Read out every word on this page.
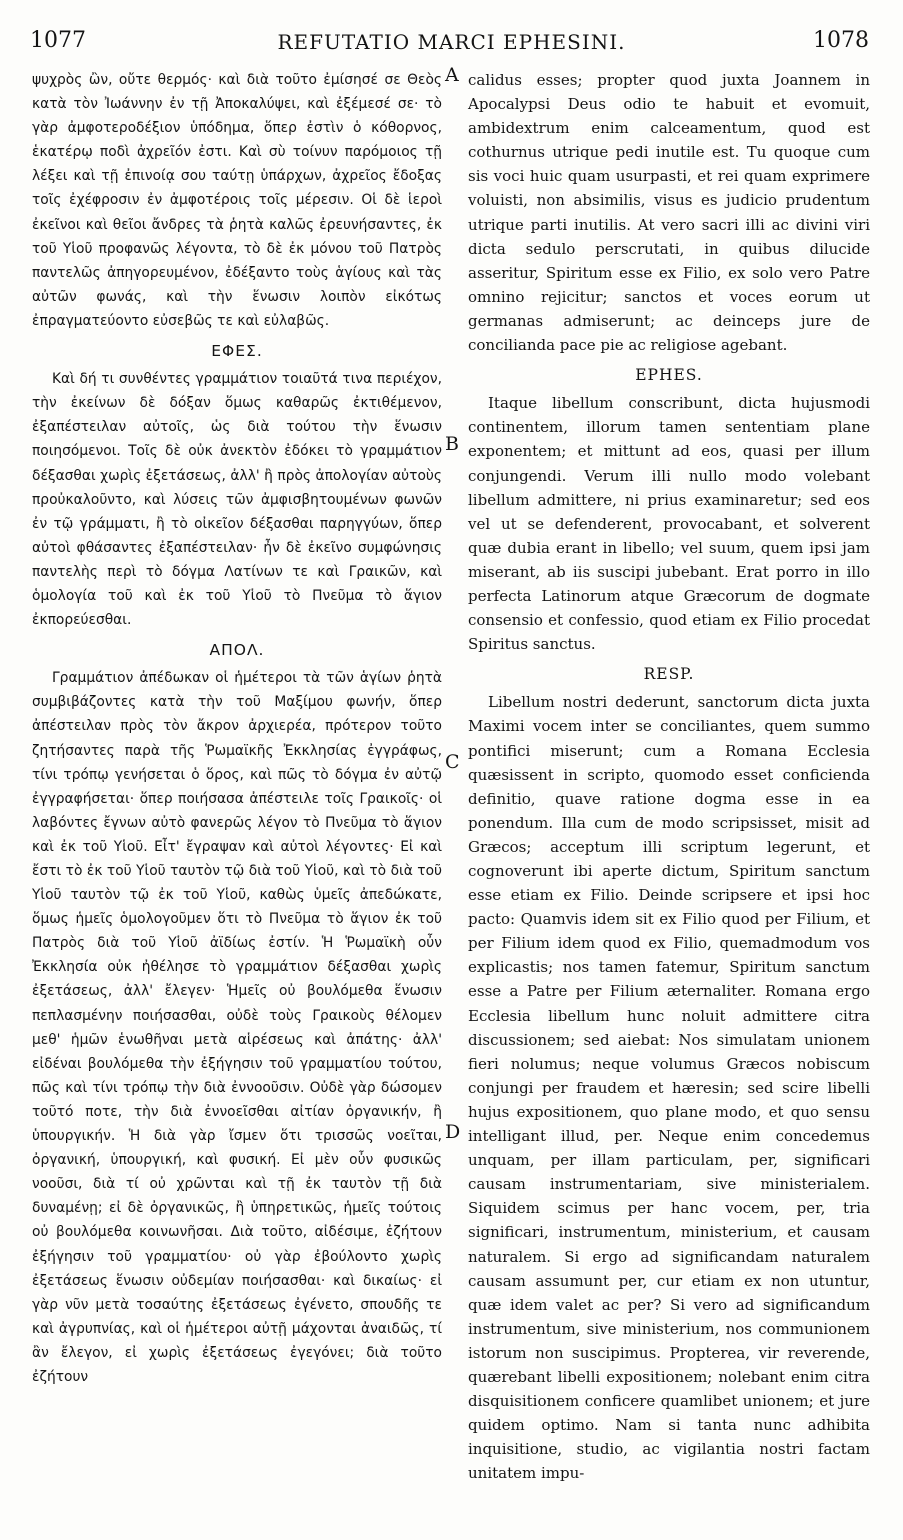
1077	REFUTATIO MARCI EPHESINI.	1078
A
B
C
D

ψυχρὸς ὢν, οὔτε θερμός· καὶ διὰ τοῦτο ἐμίσησέ σε Θεὸς κατὰ τὸν Ἰωάννην ἐν τῇ Ἀποκαλύψει, καὶ ἐξέμεσέ σε· τὸ γὰρ ἀμφοτεροδέξιον ὑπόδημα, ὅπερ ἐστὶν ὁ κόθορνος, ἑκατέρῳ ποδὶ ἀχρεῖόν ἐστι. Καὶ σὺ τοίνυν παρόμοιος τῇ λέξει καὶ τῇ ἐπινοίᾳ σου ταύτῃ ὑπάρχων, ἀχρεῖος ἔδοξας τοῖς ἐχέφροσιν ἐν ἀμφοτέροις τοῖς μέρεσιν. Οἱ δὲ ἱεροὶ ἐκεῖνοι καὶ θεῖοι ἄνδρες τὰ ῥητὰ καλῶς ἐρευνήσαντες, ἐκ τοῦ Υἱοῦ προφανῶς λέγοντα, τὸ δὲ ἐκ μόνου τοῦ Πατρὸς παντελῶς ἀπηγορευμένον, ἐδέξαντο τοὺς ἁγίους καὶ τὰς αὐτῶν φωνάς, καὶ τὴν ἕνωσιν λοιπὸν εἰκότως ἐπραγματεύοντο εὐσεβῶς τε καὶ εὐλαβῶς.

ΕΦΕΣ.

Καὶ δή τι συνθέντες γραμμάτιον τοιαῦτά τινα περιέχον, τὴν ἐκείνων δὲ δόξαν ὅμως καθαρῶς ἐκτιθέμενον, ἐξαπέστειλαν αὐτοῖς, ὡς διὰ τούτου τὴν ἕνωσιν ποιησόμενοι. Τοῖς δὲ οὐκ ἀνεκτὸν ἐδόκει τὸ γραμμάτιον δέξασθαι χωρὶς ἐξετάσεως, ἀλλ' ἢ πρὸς ἀπολογίαν αὐτοὺς προὐκαλοῦντο, καὶ λύσεις τῶν ἀμφισβητουμένων φωνῶν ἐν τῷ γράμματι, ἢ τὸ οἰκεῖον δέξασθαι παρηγγύων, ὅπερ αὐτοὶ φθάσαντες ἐξαπέστειλαν· ἦν δὲ ἐκεῖνο συμφώνησις παντελὴς περὶ τὸ δόγμα Λατίνων τε καὶ Γραικῶν, καὶ ὁμολογία τοῦ καὶ ἐκ τοῦ Υἱοῦ τὸ Πνεῦμα τὸ ἅγιον ἐκπορεύεσθαι.

ΑΠΟΛ.

Γραμμάτιον ἀπέδωκαν οἱ ἡμέτεροι τὰ τῶν ἁγίων ῥητὰ συμβιβάζοντες κατὰ τὴν τοῦ Μαξίμου φωνήν, ὅπερ ἀπέστειλαν πρὸς τὸν ἄκρον ἀρχιερέα, πρότερον τοῦτο ζητήσαντες παρὰ τῆς Ῥωμαϊκῆς Ἐκκλησίας ἐγγράφως, τίνι τρόπῳ γενήσεται ὁ ὅρος, καὶ πῶς τὸ δόγμα ἐν αὐτῷ ἐγγραφήσεται· ὅπερ ποιήσασα ἀπέστειλε τοῖς Γραικοῖς· οἱ λαβόντες ἔγνων αὐτὸ φανερῶς λέγον τὸ Πνεῦμα τὸ ἅγιον καὶ ἐκ τοῦ Υἱοῦ. Εἶτ' ἔγραψαν καὶ αὐτοὶ λέγοντες· Εἰ καὶ ἔστι τὸ ἐκ τοῦ Υἱοῦ ταυτὸν τῷ διὰ τοῦ Υἱοῦ, καὶ τὸ διὰ τοῦ Υἱοῦ ταυτὸν τῷ ἐκ τοῦ Υἱοῦ, καθὼς ὑμεῖς ἀπεδώκατε, ὅμως ἡμεῖς ὁμολογοῦμεν ὅτι τὸ Πνεῦμα τὸ ἅγιον ἐκ τοῦ Πατρὸς διὰ τοῦ Υἱοῦ ἀϊδίως ἐστίν. Ἡ Ῥωμαϊκὴ οὖν Ἐκκλησία οὐκ ἠθέλησε τὸ γραμμάτιον δέξασθαι χωρὶς ἐξετάσεως, ἀλλ' ἔλεγεν· Ἡμεῖς οὐ βουλόμεθα ἕνωσιν πεπλασμένην ποιήσασθαι, οὐδὲ τοὺς Γραικοὺς θέλομεν μεθ' ἡμῶν ἑνωθῆναι μετὰ αἱρέσεως καὶ ἀπάτης· ἀλλ' εἰδέναι βουλόμεθα τὴν ἐξήγησιν τοῦ γραμματίου τούτου, πῶς καὶ τίνι τρόπῳ τὴν διὰ ἐννοοῦσιν. Οὐδὲ γὰρ δώσομεν τοῦτό ποτε, τὴν διὰ ἐννοεῖσθαι αἰτίαν ὀργανικήν, ἢ ὑπουργικήν. Ἡ διὰ γὰρ ἴσμεν ὅτι τρισσῶς νοεῖται, ὀργανική, ὑπουργική, καὶ φυσική. Εἰ μὲν οὖν φυσικῶς νοοῦσι, διὰ τί οὐ χρῶνται καὶ τῇ ἐκ ταυτὸν τῇ διὰ δυναμένῃ; εἰ δὲ ὀργανικῶς, ἢ ὑπηρετικῶς, ἡμεῖς τούτοις οὐ βουλόμεθα κοινωνῆσαι. Διὰ τοῦτο, αἰδέσιμε, ἐζήτουν ἐξήγησιν τοῦ γραμματίου· οὐ γὰρ ἐβούλοντο χωρὶς ἐξετάσεως ἕνωσιν οὐδεμίαν ποιήσασθαι· καὶ δικαίως· εἰ γὰρ νῦν μετὰ τοσαύτης ἐξετάσεως ἐγένετο, σπουδῆς τε καὶ ἀγρυπνίας, καὶ οἱ ἡμέτεροι αὐτῇ μάχονται ἀναιδῶς, τί ἂν ἔλεγον, εἰ χωρὶς ἐξετάσεως ἐγεγόνει; διὰ τοῦτο ἐζήτουν

calidus esses; propter quod juxta Joannem in Apocalypsi Deus odio te habuit et evomuit, ambidextrum enim calceamentum, quod est cothurnus utrique pedi inutile est. Tu quoque cum sis voci huic quam usurpasti, et rei quam exprimere voluisti, non absimilis, visus es judicio prudentum utrique parti inutilis. At vero sacri illi ac divini viri dicta sedulo perscrutati, in quibus dilucide asseritur, Spiritum esse ex Filio, ex solo vero Patre omnino rejicitur; sanctos et voces eorum ut germanas admiserunt; ac deinceps jure de concilianda pace pie ac religiose agebant.

EPHES.

Itaque libellum conscribunt, dicta hujusmodi continentem, illorum tamen sententiam plane exponentem; et mittunt ad eos, quasi per illum conjungendi. Verum illi nullo modo volebant libellum admittere, ni prius examinaretur; sed eos vel ut se defenderent, provocabant, et solverent quæ dubia erant in libello; vel suum, quem ipsi jam miserant, ab iis suscipi jubebant. Erat porro in illo perfecta Latinorum atque Græcorum de dogmate consensio et confessio, quod etiam ex Filio procedat Spiritus sanctus.

RESP.

Libellum nostri dederunt, sanctorum dicta juxta Maximi vocem inter se conciliantes, quem summo pontifici miserunt; cum a Romana Ecclesia quæsissent in scripto, quomodo esset conficienda definitio, quave ratione dogma esse in ea ponendum. Illa cum de modo scripsisset, misit ad Græcos; acceptum illi scriptum legerunt, et cognoverunt ibi aperte dictum, Spiritum sanctum esse etiam ex Filio. Deinde scripsere et ipsi hoc pacto: Quamvis idem sit ex Filio quod per Filium, et per Filium idem quod ex Filio, quemadmodum vos explicastis; nos tamen fatemur, Spiritum sanctum esse a Patre per Filium æternaliter. Romana ergo Ecclesia libellum hunc noluit admittere citra discussionem; sed aiebat: Nos simulatam unionem fieri nolumus; neque volumus Græcos nobiscum conjungi per fraudem et hæresin; sed scire libelli hujus expositionem, quo plane modo, et quo sensu intelligant illud, per. Neque enim concedemus unquam, per illam particulam, per, significari causam instrumentariam, sive ministerialem. Siquidem scimus per hanc vocem, per, tria significari, instrumentum, ministerium, et causam naturalem. Si ergo ad significandam naturalem causam assumunt per, cur etiam ex non utuntur, quæ idem valet ac per? Si vero ad significandum instrumentum, sive ministerium, nos communionem istorum non suscipimus. Propterea, vir reverende, quærebant libelli expositionem; nolebant enim citra disquisitionem conficere quamlibet unionem; et jure quidem optimo. Nam si tanta nunc adhibita inquisitione, studio, ac vigilantia nostri factam unitatem impu-
